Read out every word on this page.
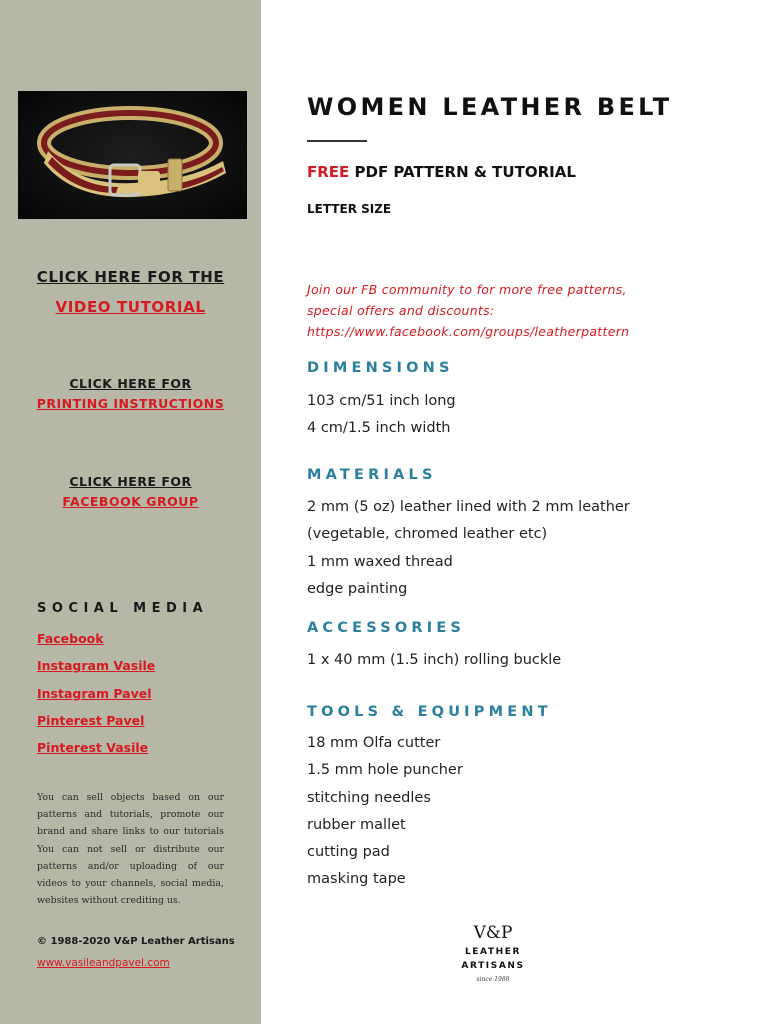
CLICK HERE FOR THE
VIDEO TUTORIAL
CLICK HERE FOR
PRINTING INSTRUCTIONS
CLICK HERE FOR
FACEBOOK GROUP
SOCIAL MEDIA
Facebook
Instagram Vasile
Instagram Pavel
Pinterest Pavel
Pinterest Vasile

You can sell objects based on our patterns and tutorials, promote our brand and share links to our tutorials You can not sell or distribute our patterns and/or uploading of our videos to your channels, social media, websites without crediting us.

© 1988-2020 V&P Leather Artisans
www.vasileandpavel.com
WOMEN LEATHER BELT
FREE PDF PATTERN & TUTORIAL
LETTER SIZE
Join our FB community to for more free patterns,
special offers and discounts:
https://www.facebook.com/groups/leatherpattern
DIMENSIONS
103 cm/51 inch long
4 cm/1.5 inch width
MATERIALS
2 mm (5 oz) leather lined with 2 mm leather
(vegetable, chromed leather etc)
1 mm waxed thread
edge painting
ACCESSORIES
1 x 40 mm (1.5 inch) rolling buckle
TOOLS & EQUIPMENT
18 mm Olfa cutter
1.5 mm hole puncher
stitching needles
rubber mallet
cutting pad
masking tape
V&P
LEATHER
ARTISANS
since 1988
